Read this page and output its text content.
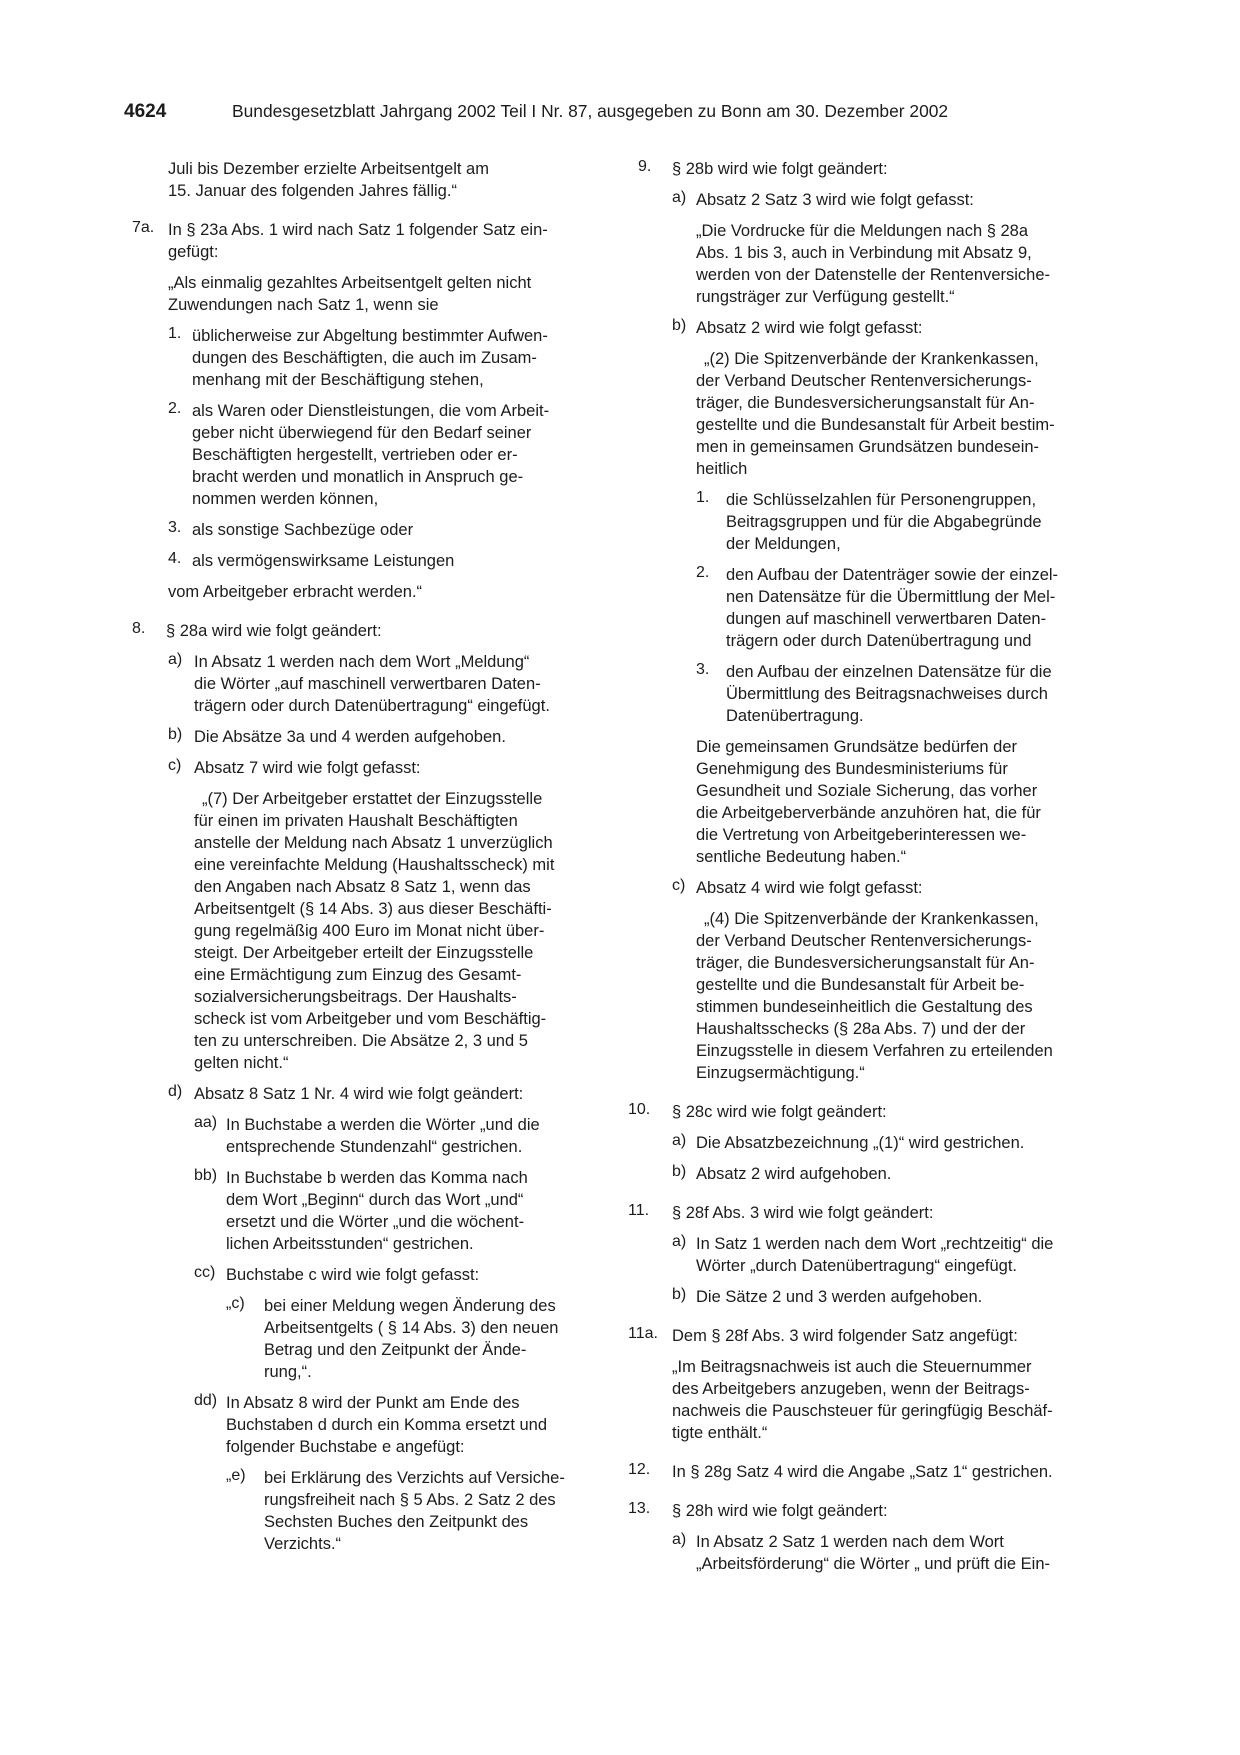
4624	Bundesgesetzblatt Jahrgang 2002 Teil I Nr. 87, ausgegeben zu Bonn am 30. Dezember 2002

Juli bis Dezember erzielte Arbeitsentgelt am

15. Januar des folgenden Jahres fällig.“

7a. In § 23a Abs. 1 wird nach Satz 1 folgender Satz ein-

gefügt:

„Als einmalig gezahltes Arbeitsentgelt gelten nicht

Zuwendungen nach Satz 1, wenn sie

1. üblicherweise zur Abgeltung bestimmter Aufwen-

dungen des Beschäftigten, die auch im Zusam-

menhang mit der Beschäftigung stehen,

2. als Waren oder Dienstleistungen, die vom Arbeit-

geber nicht überwiegend für den Bedarf seiner

Beschäftigten hergestellt, vertrieben oder er-

bracht werden und monatlich in Anspruch ge-

nommen werden können,

3. als sonstige Sachbezüge oder

4. als vermögenswirksame Leistungen

vom Arbeitgeber erbracht werden.“

8. § 28a wird wie folgt geändert:

a) In Absatz 1 werden nach dem Wort „Meldung“

die Wörter „auf maschinell verwertbaren Daten-

trägern oder durch Datenübertragung“ eingefügt.

b) Die Absätze 3a und 4 werden aufgehoben.

c) Absatz 7 wird wie folgt gefasst:

„(7) Der Arbeitgeber erstattet der Einzugsstelle

für einen im privaten Haushalt Beschäftigten

anstelle der Meldung nach Absatz 1 unverzüglich

eine vereinfachte Meldung (Haushaltsscheck) mit

den Angaben nach Absatz 8 Satz 1, wenn das

Arbeitsentgelt (§ 14 Abs. 3) aus dieser Beschäfti-

gung regelmäßig 400 Euro im Monat nicht über-

steigt. Der Arbeitgeber erteilt der Einzugsstelle

eine Ermächtigung zum Einzug des Gesamt-

sozialversicherungsbeitrags. Der Haushalts-

scheck ist vom Arbeitgeber und vom Beschäftig-

ten zu unterschreiben. Die Absätze 2, 3 und 5

gelten nicht.“

d) Absatz 8 Satz 1 Nr. 4 wird wie folgt geändert:

aa) In Buchstabe a werden die Wörter „und die

entsprechende Stundenzahl“ gestrichen.

bb) In Buchstabe b werden das Komma nach

dem Wort „Beginn“ durch das Wort „und“

ersetzt und die Wörter „und die wöchent-

lichen Arbeitsstunden“ gestrichen.

cc) Buchstabe c wird wie folgt gefasst:

„c) bei einer Meldung wegen Änderung des

Arbeitsentgelts ( § 14 Abs. 3) den neuen

Betrag und den Zeitpunkt der Ände-

rung,“.

dd) In Absatz 8 wird der Punkt am Ende des

Buchstaben d durch ein Komma ersetzt und

folgender Buchstabe e angefügt:

„e) bei Erklärung des Verzichts auf Versiche-

rungsfreiheit nach § 5 Abs. 2 Satz 2 des

Sechsten Buches den Zeitpunkt des

Verzichts.“

9. § 28b wird wie folgt geändert:

a) Absatz 2 Satz 3 wird wie folgt gefasst:

„Die Vordrucke für die Meldungen nach § 28a

Abs. 1 bis 3, auch in Verbindung mit Absatz 9,

werden von der Datenstelle der Rentenversiche-

rungsträger zur Verfügung gestellt.“

b) Absatz 2 wird wie folgt gefasst:

„(2) Die Spitzenverbände der Krankenkassen,

der Verband Deutscher Rentenversicherungs-

träger, die Bundesversicherungsanstalt für An-

gestellte und die Bundesanstalt für Arbeit bestim-

men in gemeinsamen Grundsätzen bundesein-

heitlich

1. die Schlüsselzahlen für Personengruppen,

Beitragsgruppen und für die Abgabegründe

der Meldungen,

2. den Aufbau der Datenträger sowie der einzel-

nen Datensätze für die Übermittlung der Mel-

dungen auf maschinell verwertbaren Daten-

trägern oder durch Datenübertragung und

3. den Aufbau der einzelnen Datensätze für die

Übermittlung des Beitragsnachweises durch

Datenübertragung.

Die gemeinsamen Grundsätze bedürfen der

Genehmigung des Bundesministeriums für

Gesundheit und Soziale Sicherung, das vorher

die Arbeitgeberverbände anzuhören hat, die für

die Vertretung von Arbeitgeberinteressen we-

sentliche Bedeutung haben.“

c) Absatz 4 wird wie folgt gefasst:

„(4) Die Spitzenverbände der Krankenkassen,

der Verband Deutscher Rentenversicherungs-

träger, die Bundesversicherungsanstalt für An-

gestellte und die Bundesanstalt für Arbeit be-

stimmen bundeseinheitlich die Gestaltung des

Haushaltsschecks (§ 28a Abs. 7) und der der

Einzugsstelle in diesem Verfahren zu erteilenden

Einzugsermächtigung.“

10. § 28c wird wie folgt geändert:

a) Die Absatzbezeichnung „(1)“ wird gestrichen.

b) Absatz 2 wird aufgehoben.

11. § 28f Abs. 3 wird wie folgt geändert:

a) In Satz 1 werden nach dem Wort „rechtzeitig“ die

Wörter „durch Datenübertragung“ eingefügt.

b) Die Sätze 2 und 3 werden aufgehoben.

11a. Dem § 28f Abs. 3 wird folgender Satz angefügt:

„Im Beitragsnachweis ist auch die Steuernummer

des Arbeitgebers anzugeben, wenn der Beitrags-

nachweis die Pauschsteuer für geringfügig Beschäf-

tigte enthält.“

12. In § 28g Satz 4 wird die Angabe „Satz 1“ gestrichen.

13. § 28h wird wie folgt geändert:

a) In Absatz 2 Satz 1 werden nach dem Wort

„Arbeitsförderung“ die Wörter „ und prüft die Ein-
